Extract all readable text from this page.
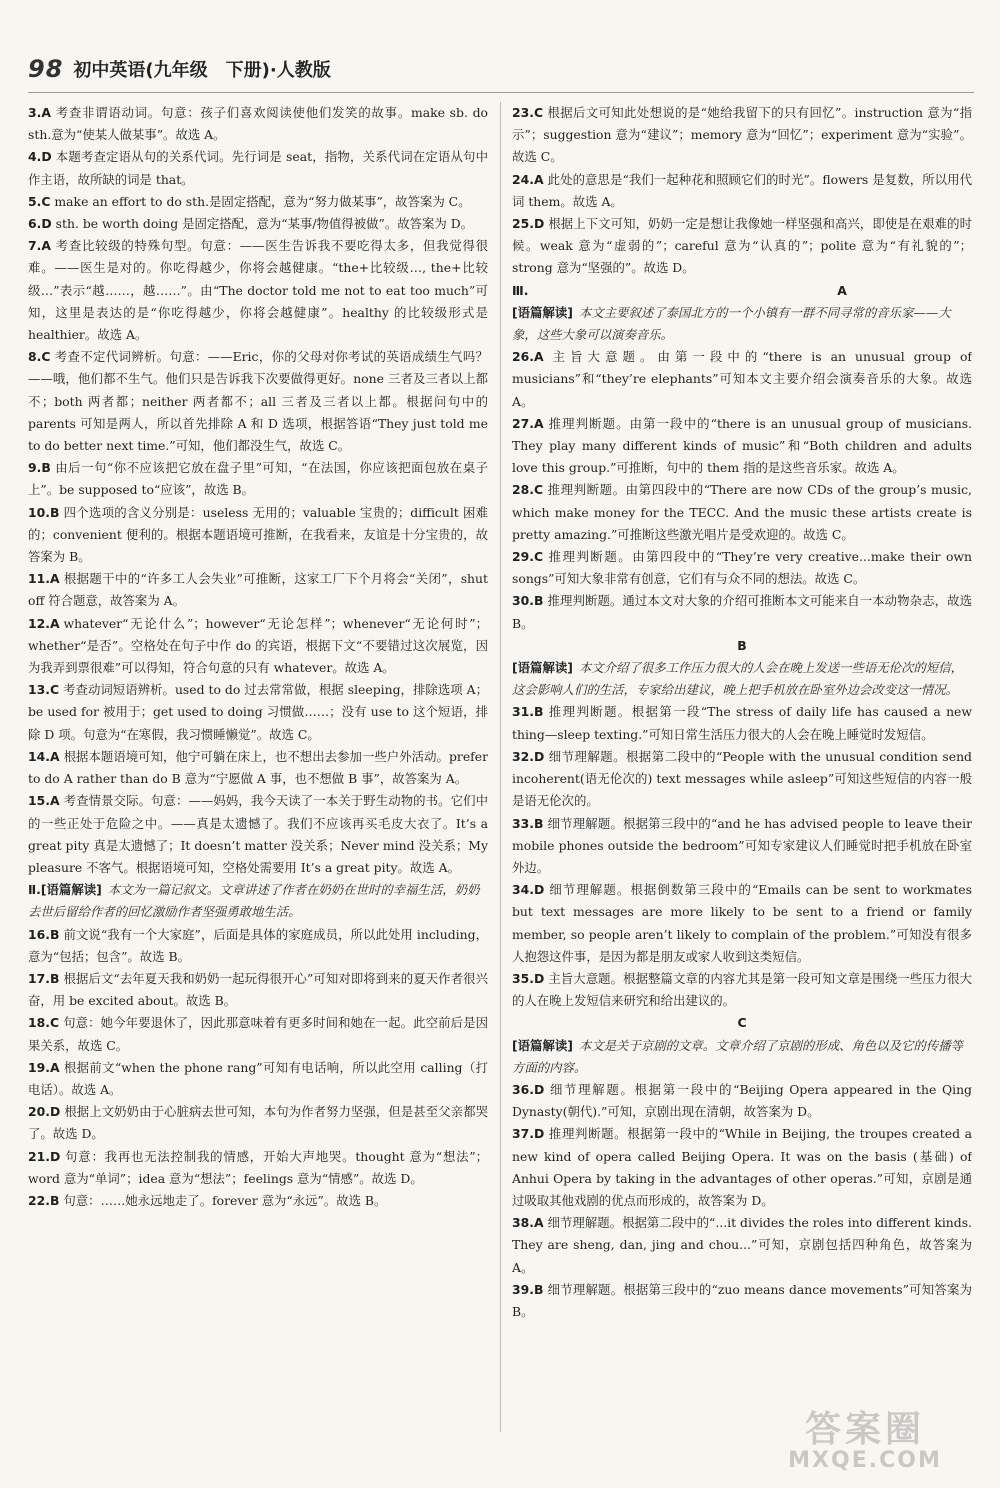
98 初中英语(九年级　下册)·人教版

3.A 考查非谓语动词。句意：孩子们喜欢阅读使他们发笑的故事。make sb. do sth.意为“使某人做某事”。故选 A。

4.D 本题考查定语从句的关系代词。先行词是 seat，指物，关系代词在定语从句中作主语，故所缺的词是 that。

5.C make an effort to do sth.是固定搭配，意为“努力做某事”，故答案为 C。

6.D sth. be worth doing 是固定搭配，意为“某事/物值得被做”。故答案为 D。

7.A 考查比较级的特殊句型。句意：——医生告诉我不要吃得太多，但我觉得很难。——医生是对的。你吃得越少，你将会越健康。“the+比较级…, the+比较级…”表示“越……，越……”。由“The doctor told me not to eat too much”可知，这里是表达的是“你吃得越少，你将会越健康”。healthy 的比较级形式是 healthier。故选 A。

8.C 考查不定代词辨析。句意：——Eric，你的父母对你考试的英语成绩生气吗？——哦，他们都不生气。他们只是告诉我下次要做得更好。none 三者及三者以上都不；both 两者都；neither 两者都不；all 三者及三者以上都。根据问句中的 parents 可知是两人，所以首先排除 A 和 D 选项，根据答语“They just told me to do better next time.”可知，他们都没生气，故选 C。

9.B 由后一句“你不应该把它放在盘子里”可知，“在法国，你应该把面包放在桌子上”。be supposed to“应该”，故选 B。

10.B 四个选项的含义分别是：useless 无用的；valuable 宝贵的；difficult 困难的；convenient 便利的。根据本题语境可推断，在我看来，友谊是十分宝贵的，故答案为 B。

11.A 根据题干中的“许多工人会失业”可推断，这家工厂下个月将会“关闭”，shut off 符合题意，故答案为 A。

12.A whatever“无论什么”；however“无论怎样”；whenever“无论何时”；whether“是否”。空格处在句子中作 do 的宾语，根据下文“不要错过这次展览，因为我弄到票很难”可以得知，符合句意的只有 whatever。故选 A。

13.C 考查动词短语辨析。used to do 过去常常做，根据 sleeping，排除选项 A；be used for 被用于；get used to doing 习惯做……；没有 use to 这个短语，排除 D 项。句意为“在寒假，我习惯睡懒觉”。故选 C。

14.A 根据本题语境可知，他宁可躺在床上，也不想出去参加一些户外活动。prefer to do A rather than do B 意为“宁愿做 A 事，也不想做 B 事”，故答案为 A。

15.A 考查情景交际。句意：——妈妈，我今天读了一本关于野生动物的书。它们中的一些正处于危险之中。——真是太遗憾了。我们不应该再买毛皮大衣了。It’s a great pity 真是太遗憾了；It doesn’t matter 没关系；Never mind 没关系；My pleasure 不客气。根据语境可知，空格处需要用 It’s a great pity。故选 A。

Ⅱ.[语篇解读] 本文为一篇记叙文。文章讲述了作者在奶奶在世时的幸福生活，奶奶去世后留给作者的回忆激励作者坚强勇敢地生活。

16.B 前文说“我有一个大家庭”，后面是具体的家庭成员，所以此处用 including，意为“包括；包含”。故选 B。

17.B 根据后文“去年夏天我和奶奶一起玩得很开心”可知对即将到来的夏天作者很兴奋，用 be excited about。故选 B。

18.C 句意：她今年要退休了，因此那意味着有更多时间和她在一起。此空前后是因果关系，故选 C。

19.A 根据前文“when the phone rang”可知有电话响，所以此空用 calling（打电话）。故选 A。

20.D 根据上文奶奶由于心脏病去世可知，本句为作者努力坚强，但是甚至父亲都哭了。故选 D。

21.D 句意：我再也无法控制我的情感，开始大声地哭。thought 意为“想法”；word 意为“单词”；idea 意为“想法”；feelings 意为“情感”。故选 D。

22.B 句意：……她永远地走了。forever 意为“永远”。故选 B。

23.C 根据后文可知此处想说的是“她给我留下的只有回忆”。instruction 意为“指示”；suggestion 意为“建议”；memory 意为“回忆”；experiment 意为“实验”。故选 C。

24.A 此处的意思是“我们一起种花和照顾它们的时光”。flowers 是复数，所以用代词 them。故选 A。

25.D 根据上下文可知，奶奶一定是想让我像她一样坚强和高兴，即使是在艰难的时候。weak 意为“虚弱的”；careful 意为“认真的”；polite 意为“有礼貌的”；strong 意为“坚强的”。故选 D。

Ⅲ.	A

[语篇解读] 本文主要叙述了泰国北方的一个小镇有一群不同寻常的音乐家——大象，这些大象可以演奏音乐。

26.A 主旨大意题。由第一段中的“there is an unusual group of musicians”和“they’re elephants”可知本文主要介绍会演奏音乐的大象。故选 A。

27.A 推理判断题。由第一段中的“there is an unusual group of musicians. They play many different kinds of music”和“Both children and adults love this group.”可推断，句中的 them 指的是这些音乐家。故选 A。

28.C 推理判断题。由第四段中的“There are now CDs of the group’s music, which make money for the TECC. And the music these artists create is pretty amazing.”可推断这些激光唱片是受欢迎的。故选 C。

29.C 推理判断题。由第四段中的“They’re very creative...make their own songs”可知大象非常有创意，它们有与众不同的想法。故选 C。

30.B 推理判断题。通过本文对大象的介绍可推断本文可能来自一本动物杂志，故选 B。

B

[语篇解读] 本文介绍了很多工作压力很大的人会在晚上发送一些语无伦次的短信，这会影响人们的生活，专家给出建议，晚上把手机放在卧室外边会改变这一情况。

31.B 推理判断题。根据第一段“The stress of daily life has caused a new thing—sleep texting.”可知日常生活压力很大的人会在晚上睡觉时发短信。

32.D 细节理解题。根据第二段中的“People with the unusual condition send incoherent(语无伦次的) text messages while asleep”可知这些短信的内容一般是语无伦次的。

33.B 细节理解题。根据第三段中的“and he has advised people to leave their mobile phones outside the bedroom”可知专家建议人们睡觉时把手机放在卧室外边。

34.D 细节理解题。根据倒数第三段中的“Emails can be sent to workmates but text messages are more likely to be sent to a friend or family member, so people aren’t likely to complain of the problem.”可知没有很多人抱怨这件事，是因为都是朋友或家人收到这类短信。

35.D 主旨大意题。根据整篇文章的内容尤其是第一段可知文章是围绕一些压力很大的人在晚上发短信来研究和给出建议的。

C

[语篇解读] 本文是关于京剧的文章。文章介绍了京剧的形成、角色以及它的传播等方面的内容。

36.D 细节理解题。根据第一段中的“Beijing Opera appeared in the Qing Dynasty(朝代).”可知，京剧出现在清朝，故答案为 D。

37.D 推理判断题。根据第一段中的“While in Beijing, the troupes created a new kind of opera called Beijing Opera. It was on the basis (基础) of Anhui Opera by taking in the advantages of other operas.”可知，京剧是通过吸取其他戏剧的优点而形成的，故答案为 D。

38.A 细节理解题。根据第二段中的“...it divides the roles into different kinds. They are sheng, dan, jing and chou...”可知，京剧包括四种角色，故答案为 A。

39.B 细节理解题。根据第三段中的“zuo means dance movements”可知答案为 B。

答案圈
MXQE.COM
